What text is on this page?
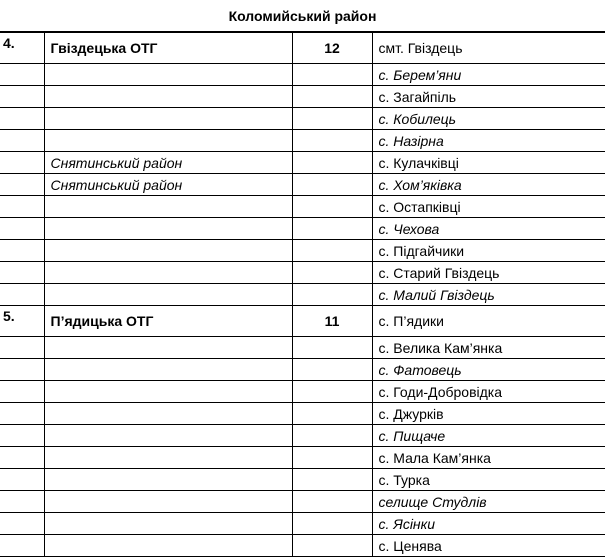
Коломийський район
4.	Гвіздецька ОТГ	12	смт. Гвіздець
			с. Берем’яни
			с. Загайпіль
			с. Кобилець
			с. Назірна
	Снятинський район		с. Кулачківці
	Снятинський район		с. Хом’яківка
			с. Остапківці
			с. Чехова
			с. Підгайчики
			с. Старий Гвіздець
			с. Малий Гвіздець
5.	П’ядицька ОТГ	11	с. П’ядики
			с. Велика Кам’янка
			с. Фатовець
			с. Годи-Добровідка
			с. Джурків
			с. Пищаче
			с. Мала Кам’янка
			с. Турка
			селище Студлів
			с. Ясінки
			с. Ценява
